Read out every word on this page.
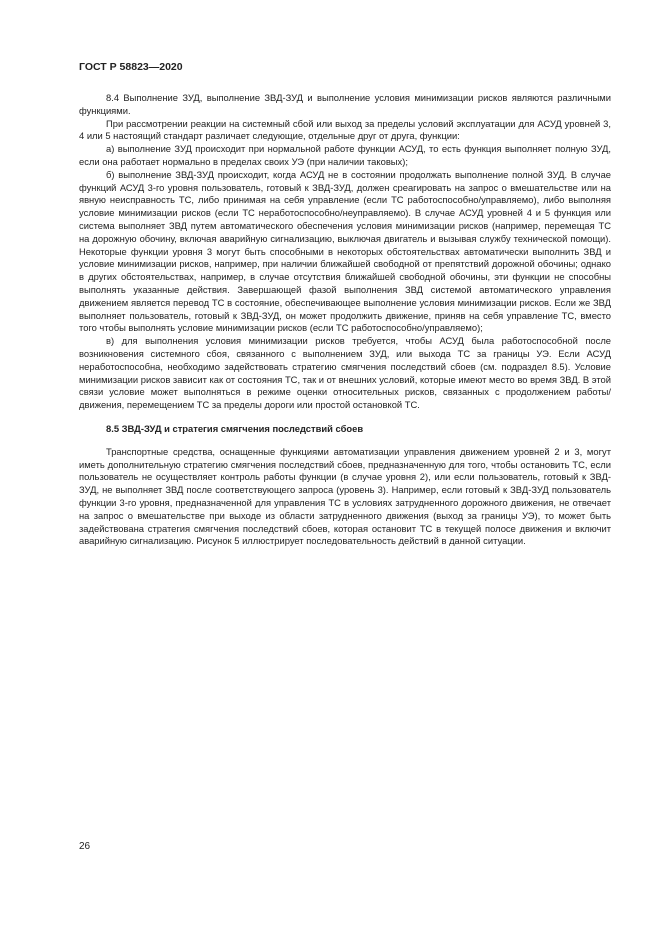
ГОСТ Р 58823—2020

8.4 Выполнение ЗУД, выполнение ЗВД-ЗУД и выполнение условия минимизации рисков являются различными функциями.

При рассмотрении реакции на системный сбой или выход за пределы условий эксплуатации для АСУД уровней 3, 4 или 5 настоящий стандарт различает следующие, отдельные друг от друга, функции:

а) выполнение ЗУД происходит при нормальной работе функции АСУД, то есть функция выполняет полную ЗУД, если она работает нормально в пределах своих УЭ (при наличии таковых);

б) выполнение ЗВД-ЗУД происходит, когда АСУД не в состоянии продолжать выполнение полной ЗУД. В случае функций АСУД 3-го уровня пользователь, готовый к ЗВД-ЗУД, должен среагировать на запрос о вмешательстве или на явную неисправность ТС, либо принимая на себя управление (если ТС работоспособно/управляемо), либо выполняя условие минимизации рисков (если ТС неработоспособно/неуправляемо). В случае АСУД уровней 4 и 5 функция или система выполняет ЗВД путем автоматического обеспечения условия минимизации рисков (например, перемещая ТС на дорожную обочину, включая аварийную сигнализацию, выключая двигатель и вызывая службу технической помощи). Некоторые функции уровня 3 могут быть способными в некоторых обстоятельствах автоматически выполнить ЗВД и условие минимизации рисков, например, при наличии ближайшей свободной от препятствий дорожной обочины; однако в других обстоятельствах, например, в случае отсутствия ближайшей свободной обочины, эти функции не способны выполнять указанные действия. Завершающей фазой выполнения ЗВД системой автоматического управления движением является перевод ТС в состояние, обеспечивающее выполнение условия минимизации рисков. Если же ЗВД выполняет пользователь, готовый к ЗВД-ЗУД, он может продолжить движение, приняв на себя управление ТС, вместо того чтобы выполнять условие минимизации рисков (если ТС работоспособно/управляемо);

в) для выполнения условия минимизации рисков требуется, чтобы АСУД была работоспособной после возникновения системного сбоя, связанного с выполнением ЗУД, или выхода ТС за границы УЭ. Если АСУД неработоспособна, необходимо задействовать стратегию смягчения последствий сбоев (см. подраздел 8.5). Условие минимизации рисков зависит как от состояния ТС, так и от внешних условий, которые имеют место во время ЗВД. В этой связи условие может выполняться в режиме оценки относительных рисков, связанных с продолжением работы/движения, перемещением ТС за пределы дороги или простой остановкой ТС.

8.5 ЗВД-ЗУД и стратегия смягчения последствий сбоев

Транспортные средства, оснащенные функциями автоматизации управления движением уровней 2 и 3, могут иметь дополнительную стратегию смягчения последствий сбоев, предназначенную для того, чтобы остановить ТС, если пользователь не осуществляет контроль работы функции (в случае уровня 2), или если пользователь, готовый к ЗВД-ЗУД, не выполняет ЗВД после соответствующего запроса (уровень 3). Например, если готовый к ЗВД-ЗУД пользователь функции 3-го уровня, предназначенной для управления ТС в условиях затрудненного дорожного движения, не отвечает на запрос о вмешательстве при выходе из области затрудненного движения (выход за границы УЭ), то может быть задействована стратегия смягчения последствий сбоев, которая остановит ТС в текущей полосе движения и включит аварийную сигнализацию. Рисунок 5 иллюстрирует последовательность действий в данной ситуации.

26
